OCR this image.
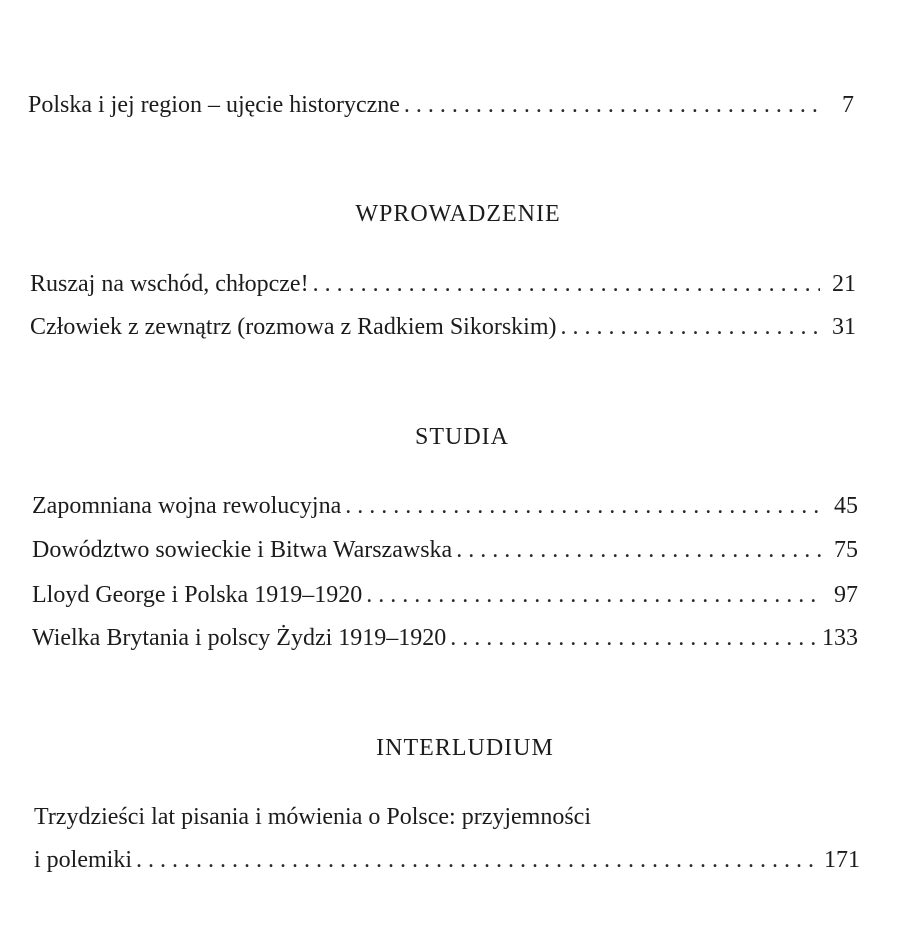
Polska i jej region – ujęcie historyczne . . .	7
WPROWADZENIE
Ruszaj na wschód, chłopcze! . . .	21
Człowiek z zewnątrz (rozmowa z Radkiem Sikorskim) . . .	31
STUDIA
Zapomniana wojna rewolucyjna . . .	45
Dowództwo sowieckie i Bitwa Warszawska . . .	75
Lloyd George i Polska 1919–1920 . . .	97
Wielka Brytania i polscy Żydzi 1919–1920 . . .	133
INTERLUDIUM
Trzydzieści lat pisania i mówienia o Polsce: przyjemności
i polemiki . . .	171
